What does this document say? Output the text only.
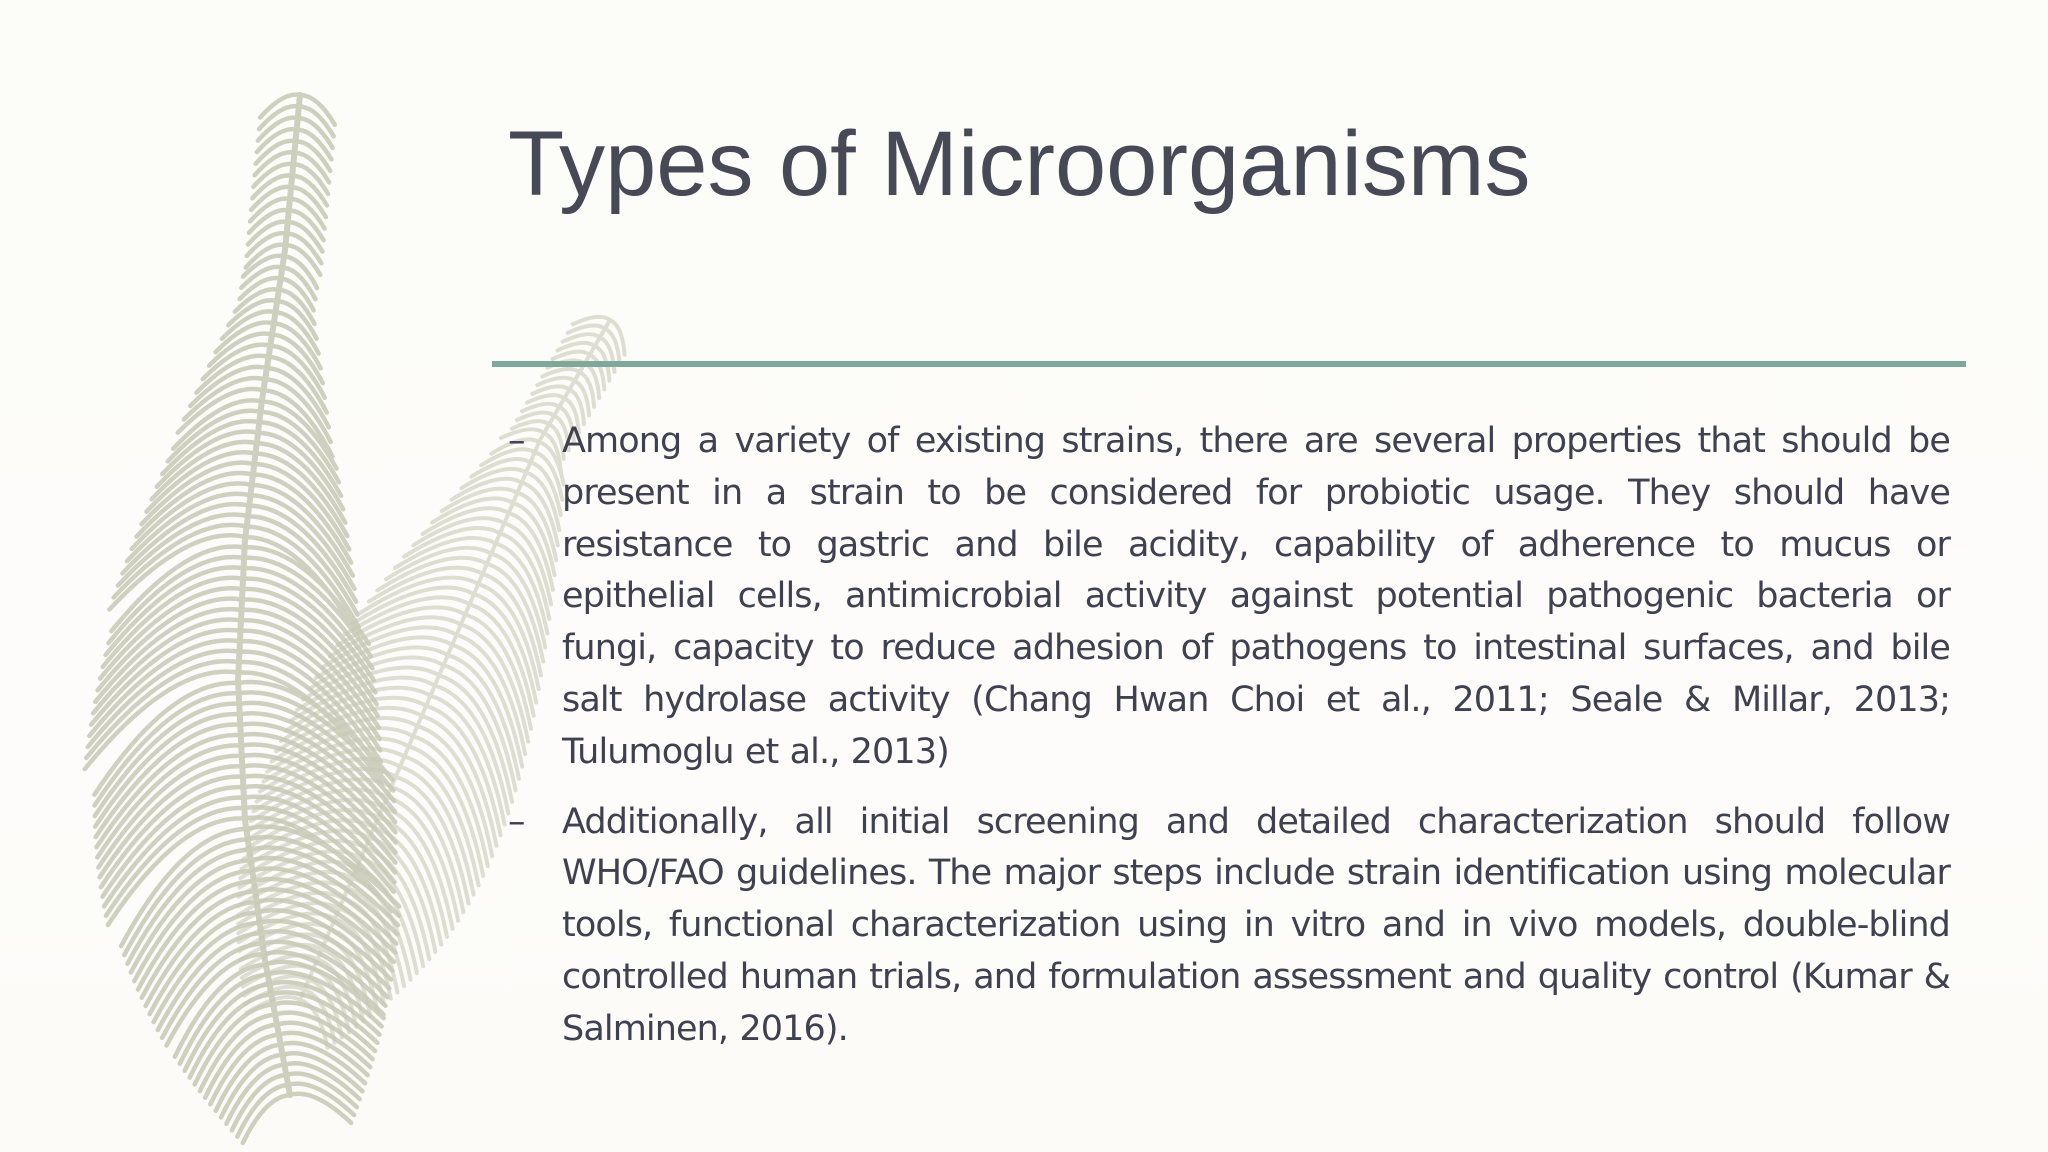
Types of Microorganisms
–	Among a variety of existing strains, there are several properties that should be present in a strain to be considered for probiotic usage. They should have resistance to gastric and bile acidity, capability of adherence to mucus or epithelial cells, antimicrobial activity against potential pathogenic bacteria or fungi, capacity to reduce adhesion of pathogens to intestinal surfaces, and bile salt hydrolase activity (Chang Hwan Choi et al., 2011; Seale & Millar, 2013; Tulumoglu et al., 2013)
–	Additionally, all initial screening and detailed characterization should follow WHO/FAO guidelines. The major steps include strain identification using molecular tools, functional characterization using in vitro and in vivo models, double-blind controlled human trials, and formulation assessment and quality control (Kumar & Salminen, 2016).
